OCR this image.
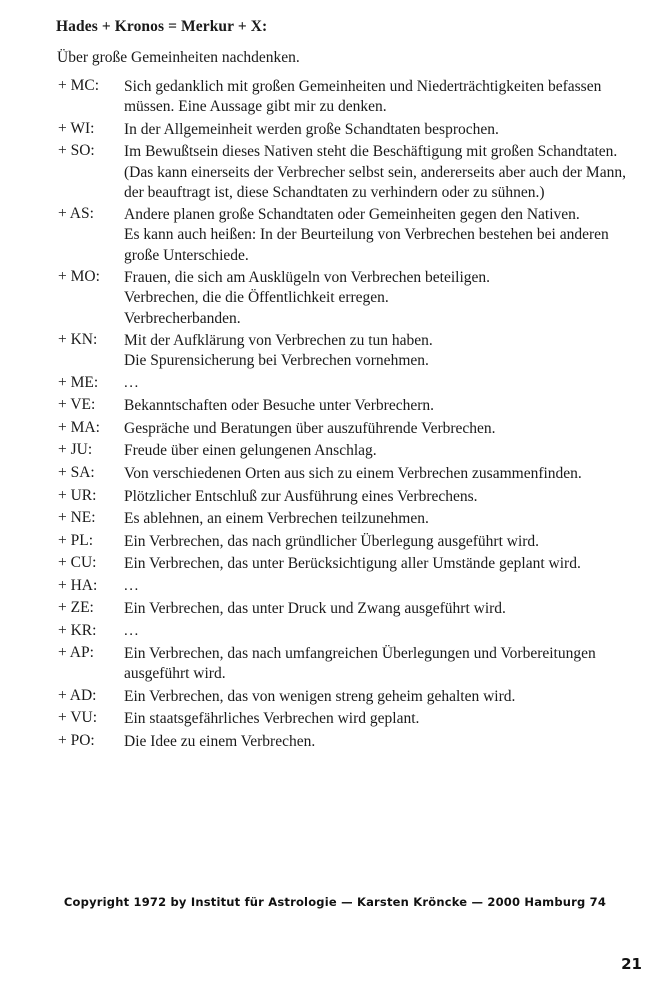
Hades + Kronos = Merkur + X:
Über große Gemeinheiten nachdenken.
+ MC:	Sich gedanklich mit großen Gemeinheiten und Niederträchtigkeiten befassen
müssen. Eine Aussage gibt mir zu denken.
+ WI:	In der Allgemeinheit werden große Schandtaten besprochen.
+ SO:	Im Bewußtsein dieses Nativen steht die Beschäftigung mit großen Schandtaten.
(Das kann einerseits der Verbrecher selbst sein, andererseits aber auch der Mann,
der beauftragt ist, diese Schandtaten zu verhindern oder zu sühnen.)
+ AS:	Andere planen große Schandtaten oder Gemeinheiten gegen den Nativen.
Es kann auch heißen: In der Beurteilung von Verbrechen bestehen bei anderen
große Unterschiede.
+ MO:	Frauen, die sich am Ausklügeln von Verbrechen beteiligen.
Verbrechen, die die Öffentlichkeit erregen.
Verbrecherbanden.
+ KN:	Mit der Aufklärung von Verbrechen zu tun haben.
Die Spurensicherung bei Verbrechen vornehmen.
+ ME:	...
+ VE:	Bekanntschaften oder Besuche unter Verbrechern.
+ MA:	Gespräche und Beratungen über auszuführende Verbrechen.
+ JU:	Freude über einen gelungenen Anschlag.
+ SA:	Von verschiedenen Orten aus sich zu einem Verbrechen zusammenfinden.
+ UR:	Plötzlicher Entschluß zur Ausführung eines Verbrechens.
+ NE:	Es ablehnen, an einem Verbrechen teilzunehmen.
+ PL:	Ein Verbrechen, das nach gründlicher Überlegung ausgeführt wird.
+ CU:	Ein Verbrechen, das unter Berücksichtigung aller Umstände geplant wird.
+ HA:	...
+ ZE:	Ein Verbrechen, das unter Druck und Zwang ausgeführt wird.
+ KR:	...
+ AP:	Ein Verbrechen, das nach umfangreichen Überlegungen und Vorbereitungen
ausgeführt wird.
+ AD:	Ein Verbrechen, das von wenigen streng geheim gehalten wird.
+ VU:	Ein staatsgefährliches Verbrechen wird geplant.
+ PO:	Die Idee zu einem Verbrechen.
Copyright 1972 by Institut für Astrologie — Karsten Kröncke — 2000 Hamburg 74
21
